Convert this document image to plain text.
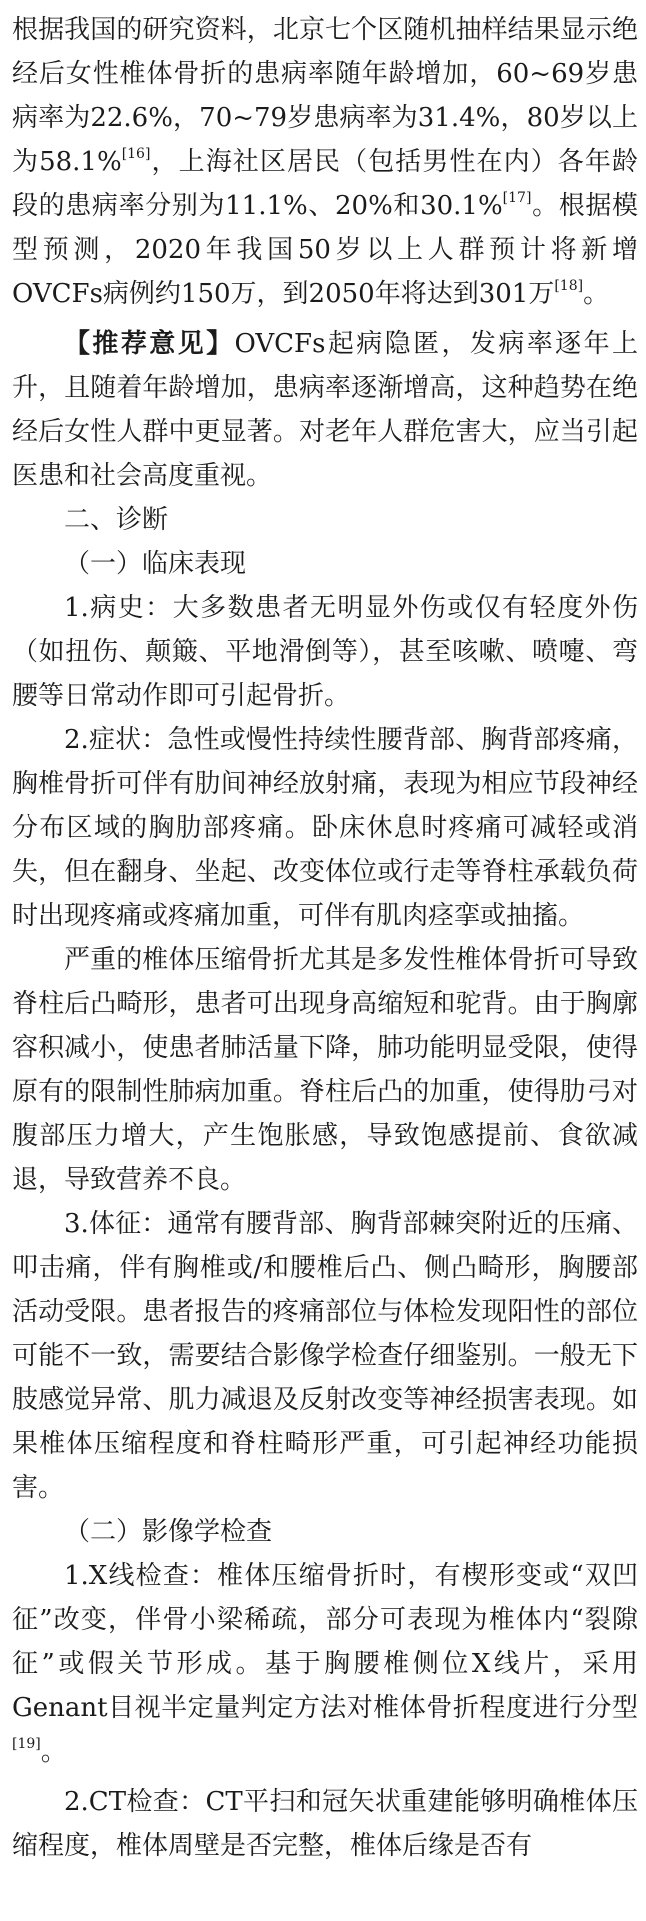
根据我国的研究资料，北京七个区随机抽样结果显示绝经后女性椎体骨折的患病率随年龄增加，60~69岁患病率为22.6%，70~79岁患病率为31.4%，80岁以上为58.1%[16]，上海社区居民（包括男性在内）各年龄段的患病率分别为11.1%、20%和30.1%[17]。根据模型预测，2020年我国50岁以上人群预计将新增OVCFs病例约150万，到2050年将达到301万[18]。

【推荐意见】OVCFs起病隐匿，发病率逐年上升，且随着年龄增加，患病率逐渐增高，这种趋势在绝经后女性人群中更显著。对老年人群危害大，应当引起医患和社会高度重视。

二、诊断

（一）临床表现

1.病史：大多数患者无明显外伤或仅有轻度外伤（如扭伤、颠簸、平地滑倒等），甚至咳嗽、喷嚏、弯腰等日常动作即可引起骨折。

2.症状：急性或慢性持续性腰背部、胸背部疼痛，胸椎骨折可伴有肋间神经放射痛，表现为相应节段神经分布区域的胸肋部疼痛。卧床休息时疼痛可减轻或消失，但在翻身、坐起、改变体位或行走等脊柱承载负荷时出现疼痛或疼痛加重，可伴有肌肉痉挛或抽搐。

严重的椎体压缩骨折尤其是多发性椎体骨折可导致脊柱后凸畸形，患者可出现身高缩短和驼背。由于胸廓容积减小，使患者肺活量下降，肺功能明显受限，使得原有的限制性肺病加重。脊柱后凸的加重，使得肋弓对腹部压力增大，产生饱胀感，导致饱感提前、食欲减退，导致营养不良。

3.体征：通常有腰背部、胸背部棘突附近的压痛、叩击痛，伴有胸椎或/和腰椎后凸、侧凸畸形，胸腰部活动受限。患者报告的疼痛部位与体检发现阳性的部位可能不一致，需要结合影像学检查仔细鉴别。一般无下肢感觉异常、肌力减退及反射改变等神经损害表现。如果椎体压缩程度和脊柱畸形严重，可引起神经功能损害。

（二）影像学检查

1.X线检查：椎体压缩骨折时，有楔形变或“双凹征”改变，伴骨小梁稀疏，部分可表现为椎体内“裂隙征”或假关节形成。基于胸腰椎侧位X线片，采用Genant目视半定量判定方法对椎体骨折程度进行分型[19]。

2.CT检查：CT平扫和冠矢状重建能够明确椎体压缩程度，椎体周壁是否完整，椎体后缘是否有
